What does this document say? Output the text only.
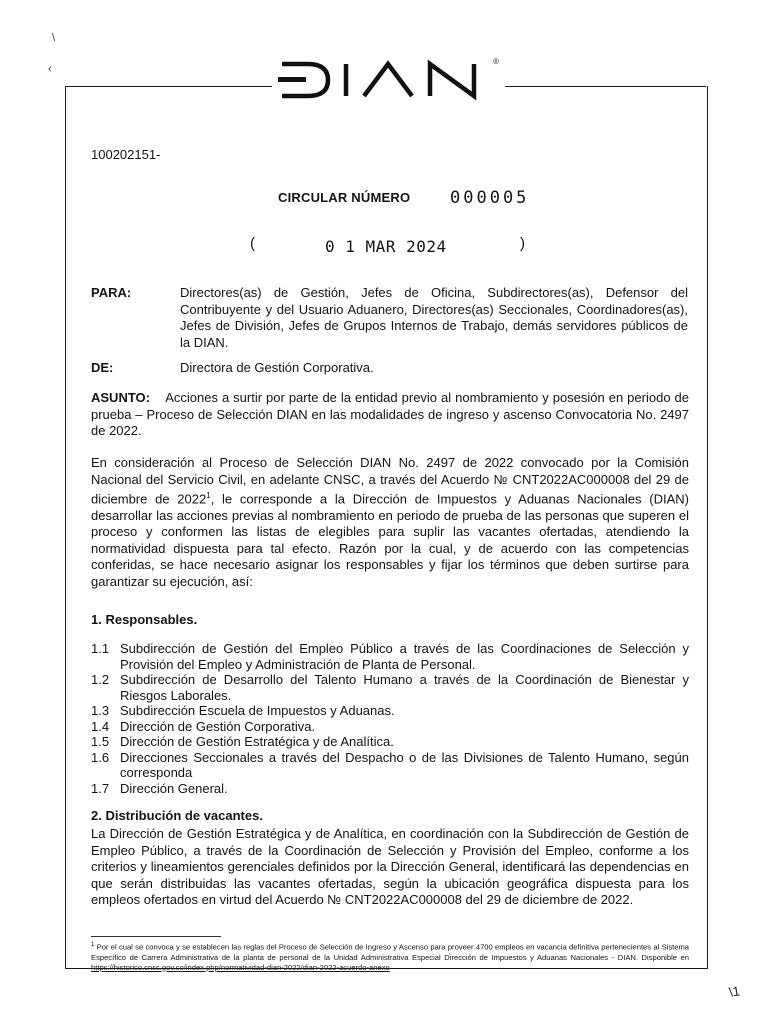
\
‹
®
100202151-
CIRCULAR NÚMERO 000005
(	0 1 MAR 2024	)
PARA:	Directores(as) de Gestión, Jefes de Oficina, Subdirectores(as), Defensor del Contribuyente y del Usuario Aduanero, Directores(as) Seccionales, Coordinadores(as), Jefes de División, Jefes de Grupos Internos de Trabajo, demás servidores públicos de la DIAN.
DE:	Directora de Gestión Corporativa.
ASUNTO: Acciones a surtir por parte de la entidad previo al nombramiento y posesión en periodo de prueba – Proceso de Selección DIAN en las modalidades de ingreso y ascenso Convocatoria No. 2497 de 2022.
En consideración al Proceso de Selección DIAN No. 2497 de 2022 convocado por la Comisión Nacional del Servicio Civil, en adelante CNSC, a través del Acuerdo № CNT2022AC000008 del 29 de diciembre de 2022$^1$, le corresponde a la Dirección de Impuestos y Aduanas Nacionales (DIAN) desarrollar las acciones previas al nombramiento en periodo de prueba de las personas que superen el proceso y conformen las listas de elegibles para suplir las vacantes ofertadas, atendiendo la normatividad dispuesta para tal efecto. Razón por la cual, y de acuerdo con las competencias conferidas, se hace necesario asignar los responsables y fijar los términos que deben surtirse para garantizar su ejecución, así:
1. Responsables.
1.1 Subdirección de Gestión del Empleo Público a través de las Coordinaciones de Selección y Provisión del Empleo y Administración de Planta de Personal.
1.2 Subdirección de Desarrollo del Talento Humano a través de la Coordinación de Bienestar y Riesgos Laborales.
1.3 Subdirección Escuela de Impuestos y Aduanas.
1.4 Dirección de Gestión Corporativa.
1.5 Dirección de Gestión Estratégica y de Analítica.
1.6 Direcciones Seccionales a través del Despacho o de las Divisiones de Talento Humano, según corresponda
1.7 Dirección General.
2. Distribución de vacantes.
La Dirección de Gestión Estratégica y de Analítica, en coordinación con la Subdirección de Gestión de Empleo Público, a través de la Coordinación de Selección y Provisión del Empleo, conforme a los criterios y lineamientos gerenciales definidos por la Dirección General, identificará las dependencias en que serán distribuidas las vacantes ofertadas, según la ubicación geográfica dispuesta para los empleos ofertados en virtud del Acuerdo № CNT2022AC000008 del 29 de diciembre de 2022.
$^1$ Por el cual se convoca y se establecen las reglas del Proceso de Selección de Ingreso y Ascenso para proveer 4700 empleos en vacancia definitiva pertenecientes al Sistema Específico de Carrera Administrativa de la planta de personal de la Unidad Administrativa Especial Dirección de Impuestos y Aduanas Nacionales - DIAN. Disponible en https://historico.cnsc.gov.co/index.php/normatividad-dian-2022/dian-2022-acuerdo-anexo
\1
